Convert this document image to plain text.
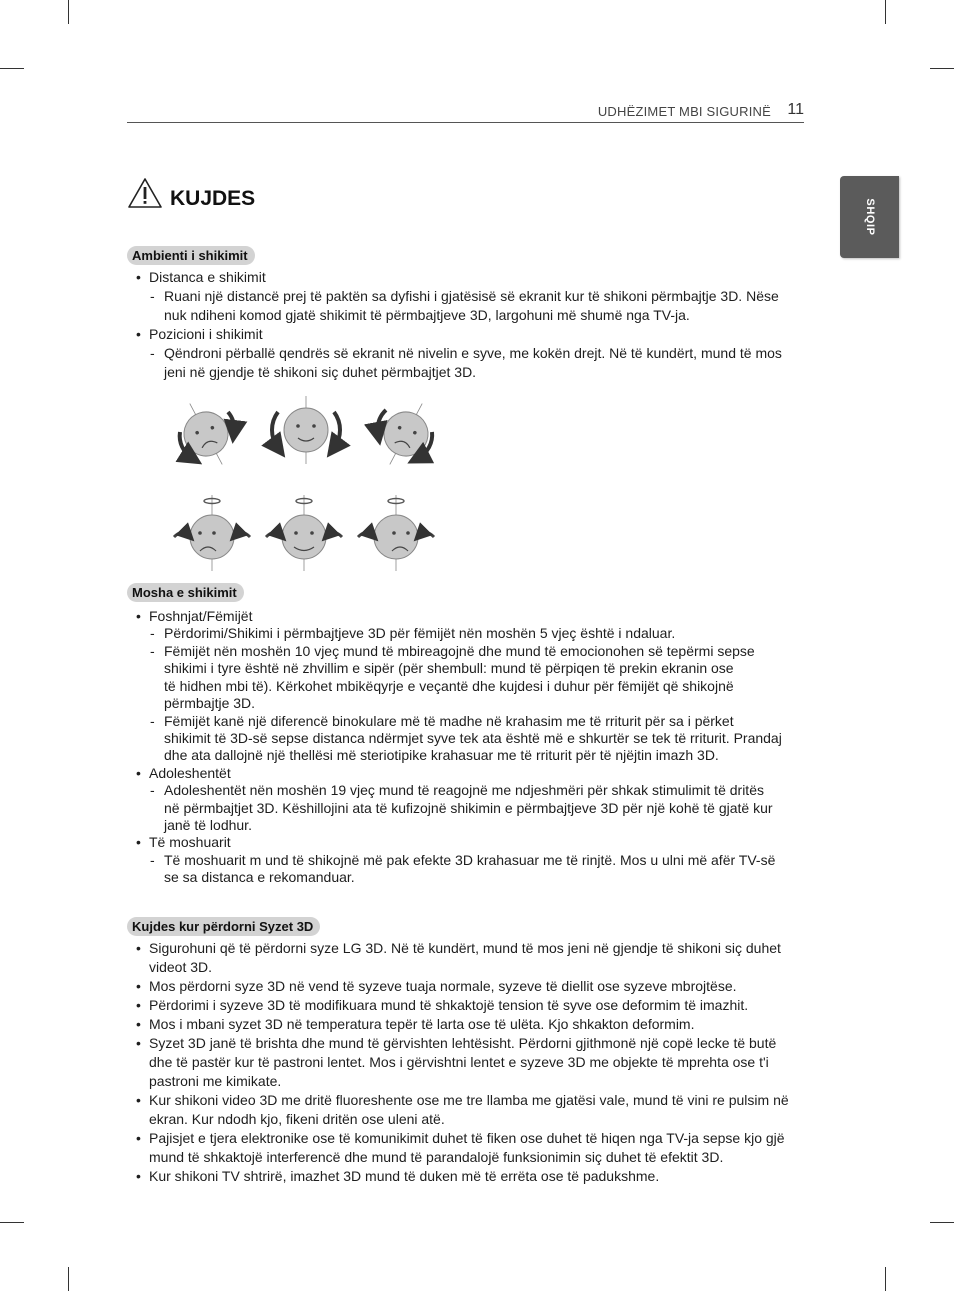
UDHËZIMET MBI SIGURINË 11
SHQIP
KUJDES
Ambienti i shikimit
• Distanca e shikimit
- Ruani një distancë prej të paktën sa dyfishi i gjatësisë së ekranit kur të shikoni përmbajtje 3D. Nëse
nuk ndiheni komod gjatë shikimit të përmbajtjeve 3D, largohuni më shumë nga TV-ja.
• Pozicioni i shikimit
- Qëndroni përballë qendrës së ekranit në nivelin e syve, me kokën drejt. Në të kundërt, mund të mos
jeni në gjendje të shikoni siç duhet përmbajtjet 3D.
Mosha e shikimit
• Foshnjat/Fëmijët
- Përdorimi/Shikimi i përmbajtjeve 3D për fëmijët nën moshën 5 vjeç është i ndaluar.
- Fëmijët nën moshën 10 vjeç mund të mbireagojnë dhe mund të emocionohen së tepërmi sepse
shikimi i tyre është në zhvillim e sipër (për shembull: mund të përpiqen të prekin ekranin ose
të hidhen mbi të). Kërkohet mbikëqyrje e veçantë dhe kujdesi i duhur për fëmijët që shikojnë
përmbajtje 3D.
- Fëmijët kanë një diferencë binokulare më të madhe në krahasim me të rriturit për sa i përket
shikimit të 3D-së sepse distanca ndërmjet syve tek ata është më e shkurtër se tek të rriturit. Prandaj
dhe ata dallojnë një thellësi më steriotipike krahasuar me të rriturit për të njëjtin imazh 3D.
• Adoleshentët
- Adoleshentët nën moshën 19 vjeç mund të reagojnë me ndjeshmëri për shkak stimulimit të dritës
në përmbajtjet 3D. Këshillojini ata të kufizojnë shikimin e përmbajtjeve 3D për një kohë të gjatë kur
janë të lodhur.
• Të moshuarit
- Të moshuarit m und të shikojnë më pak efekte 3D krahasuar me të rinjtë. Mos u ulni më afër TV-së
se sa distanca e rekomanduar.
Kujdes kur përdorni Syzet 3D
• Sigurohuni që të përdorni syze LG 3D. Në të kundërt, mund të mos jeni në gjendje të shikoni siç duhet
videot 3D.
• Mos përdorni syze 3D në vend të syzeve tuaja normale, syzeve të diellit ose syzeve mbrojtëse.
• Përdorimi i syzeve 3D të modifikuara mund të shkaktojë tension të syve ose deformim të imazhit.
• Mos i mbani syzet 3D në temperatura tepër të larta ose të ulëta. Kjo shkakton deformim.
• Syzet 3D janë të brishta dhe mund të gërvishten lehtësisht. Përdorni gjithmonë një copë lecke të butë
dhe të pastër kur të pastroni lentet. Mos i gërvishtni lentet e syzeve 3D me objekte të mprehta ose t'i
pastroni me kimikate.
• Kur shikoni video 3D me dritë fluoreshente ose me tre llamba me gjatësi vale, mund të vini re pulsim në
ekran. Kur ndodh kjo, fikeni dritën ose uleni atë.
• Pajisjet e tjera elektronike ose të komunikimit duhet të fiken ose duhet të hiqen nga TV-ja sepse kjo gjë
mund të shkaktojë interferencë dhe mund të parandalojë funksionimin siç duhet të efektit 3D.
• Kur shikoni TV shtrirë, imazhet 3D mund të duken më të errëta ose të padukshme.
